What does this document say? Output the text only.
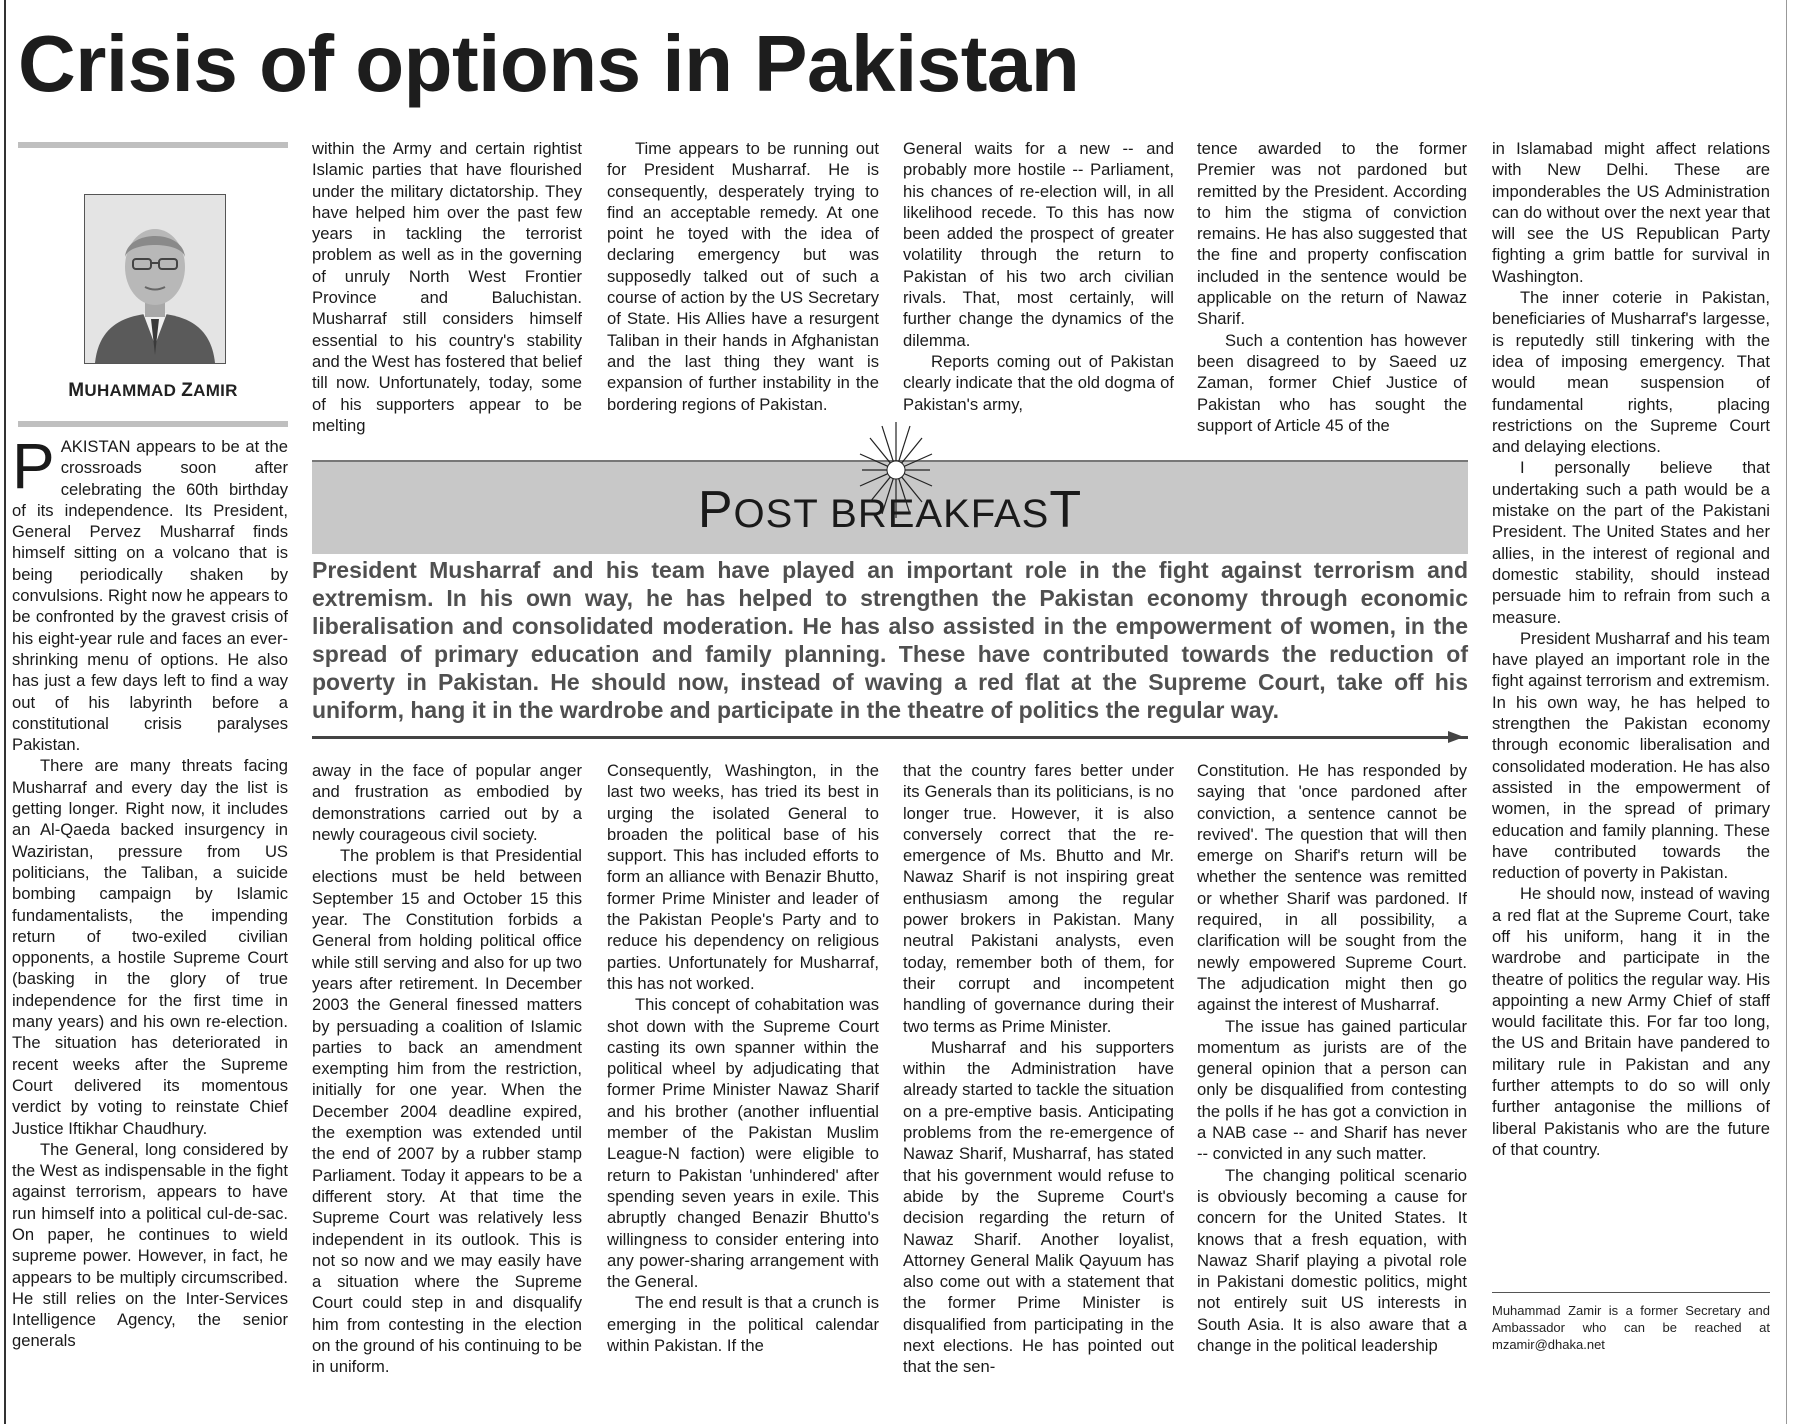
Crisis of options in Pakistan
MUHAMMAD ZAMIR

PAKISTAN appears to be at the crossroads soon after celebrating the 60th birthday of its independence. Its President, General Pervez Musharraf finds himself sitting on a volcano that is being periodically shaken by convulsions. Right now he appears to be confronted by the gravest crisis of his eight-year rule and faces an ever-shrinking menu of options. He also has just a few days left to find a way out of his labyrinth before a constitutional crisis paralyses Pakistan.

There are many threats facing Musharraf and every day the list is getting longer. Right now, it includes an Al-Qaeda backed insurgency in Waziristan, pressure from US politicians, the Taliban, a suicide bombing campaign by Islamic fundamentalists, the impending return of two-exiled civilian opponents, a hostile Supreme Court (basking in the glory of true independence for the first time in many years) and his own re-election. The situation has deteriorated in recent weeks after the Supreme Court delivered its momentous verdict by voting to reinstate Chief Justice Iftikhar Chaudhury.

The General, long considered by the West as indispensable in the fight against terrorism, appears to have run himself into a political cul-de-sac. On paper, he continues to wield supreme power. However, in fact, he appears to be multiply circumscribed. He still relies on the Inter-Services Intelligence Agency, the senior generals

within the Army and certain rightist Islamic parties that have flourished under the military dictatorship. They have helped him over the past few years in tackling the terrorist problem as well as in the governing of unruly North West Frontier Province and Baluchistan. Musharraf still considers himself essential to his country's stability and the West has fostered that belief till now. Unfortunately, today, some of his supporters appear to be melting

Time appears to be running out for President Musharraf. He is consequently, desperately trying to find an acceptable remedy. At one point he toyed with the idea of declaring emergency but was supposedly talked out of such a course of action by the US Secretary of State. His Allies have a resurgent Taliban in their hands in Afghanistan and the last thing they want is expansion of further instability in the bordering regions of Pakistan.

General waits for a new -- and probably more hostile -- Parliament, his chances of re-election will, in all likelihood recede. To this has now been added the prospect of greater volatility through the return to Pakistan of his two arch civilian rivals. That, most certainly, will further change the dynamics of the dilemma.

Reports coming out of Pakistan clearly indicate that the old dogma of Pakistan's army,

tence awarded to the former Premier was not pardoned but remitted by the President. According to him the stigma of conviction remains. He has also suggested that the fine and property confiscation included in the sentence would be applicable on the return of Nawaz Sharif.

Such a contention has however been disagreed to by Saeed uz Zaman, former Chief Justice of Pakistan who has sought the support of Article 45 of the

in Islamabad might affect relations with New Delhi. These are imponderables the US Administration can do without over the next year that will see the US Republican Party fighting a grim battle for survival in Washington.

The inner coterie in Pakistan, beneficiaries of Musharraf's largesse, is reputedly still tinkering with the idea of imposing emergency. That would mean suspension of fundamental rights, placing restrictions on the Supreme Court and delaying elections.

I personally believe that undertaking such a path would be a mistake on the part of the Pakistani President. The United States and her allies, in the interest of regional and domestic stability, should instead persuade him to refrain from such a measure.

President Musharraf and his team have played an important role in the fight against terrorism and extremism. In his own way, he has helped to strengthen the Pakistan economy through economic liberalisation and consolidated moderation. He has also assisted in the empowerment of women, in the spread of primary education and family planning. These have contributed towards the reduction of poverty in Pakistan.

He should now, instead of waving a red flat at the Supreme Court, take off his uniform, hang it in the wardrobe and participate in the theatre of politics the regular way. His appointing a new Army Chief of staff would facilitate this. For far too long, the US and Britain have pandered to military rule in Pakistan and any further attempts to do so will only further antagonise the millions of liberal Pakistanis who are the future of that country.

POST BREAKFAST

President Musharraf and his team have played an important role in the fight against terrorism and extremism. In his own way, he has helped to strengthen the Pakistan economy through economic liberalisation and consolidated moderation. He has also assisted in the empowerment of women, in the spread of primary education and family planning. These have contributed towards the reduction of poverty in Pakistan. He should now, instead of waving a red flat at the Supreme Court, take off his uniform, hang it in the wardrobe and participate in the theatre of politics the regular way.

away in the face of popular anger and frustration as embodied by demonstrations carried out by a newly courageous civil society.

The problem is that Presidential elections must be held between September 15 and October 15 this year. The Constitution forbids a General from holding political office while still serving and also for up two years after retirement. In December 2003 the General finessed matters by persuading a coalition of Islamic parties to back an amendment exempting him from the restriction, initially for one year. When the December 2004 deadline expired, the exemption was extended until the end of 2007 by a rubber stamp Parliament. Today it appears to be a different story. At that time the Supreme Court was relatively less independent in its outlook. This is not so now and we may easily have a situation where the Supreme Court could step in and disqualify him from contesting in the election on the ground of his continuing to be in uniform.

Consequently, Washington, in the last two weeks, has tried its best in urging the isolated General to broaden the political base of his support. This has included efforts to form an alliance with Benazir Bhutto, former Prime Minister and leader of the Pakistan People's Party and to reduce his dependency on religious parties. Unfortunately for Musharraf, this has not worked.

This concept of cohabitation was shot down with the Supreme Court casting its own spanner within the political wheel by adjudicating that former Prime Minister Nawaz Sharif and his brother (another influential member of the Pakistan Muslim League-N faction) were eligible to return to Pakistan 'unhindered' after spending seven years in exile. This abruptly changed Benazir Bhutto's willingness to consider entering into any power-sharing arrangement with the General.

The end result is that a crunch is emerging in the political calendar within Pakistan. If the

that the country fares better under its Generals than its politicians, is no longer true. However, it is also conversely correct that the re-emergence of Ms. Bhutto and Mr. Nawaz Sharif is not inspiring great enthusiasm among the regular power brokers in Pakistan. Many neutral Pakistani analysts, even today, remember both of them, for their corrupt and incompetent handling of governance during their two terms as Prime Minister.

Musharraf and his supporters within the Administration have already started to tackle the situation on a pre-emptive basis. Anticipating problems from the re-emergence of Nawaz Sharif, Musharraf, has stated that his government would refuse to abide by the Supreme Court's decision regarding the return of Nawaz Sharif. Another loyalist, Attorney General Malik Qayuum has also come out with a statement that the former Prime Minister is disqualified from participating in the next elections. He has pointed out that the sen-

Constitution. He has responded by saying that 'once pardoned after conviction, a sentence cannot be revived'. The question that will then emerge on Sharif's return will be whether the sentence was remitted or whether Sharif was pardoned. If required, in all possibility, a clarification will be sought from the newly empowered Supreme Court. The adjudication might then go against the interest of Musharraf.

The issue has gained particular momentum as jurists are of the general opinion that a person can only be disqualified from contesting the polls if he has got a conviction in a NAB case -- and Sharif has never -- convicted in any such matter.

The changing political scenario is obviously becoming a cause for concern for the United States. It knows that a fresh equation, with Nawaz Sharif playing a pivotal role in Pakistani domestic politics, might not entirely suit US interests in South Asia. It is also aware that a change in the political leadership

Muhammad Zamir is a former Secretary and Ambassador who can be reached at mzamir@dhaka.net
